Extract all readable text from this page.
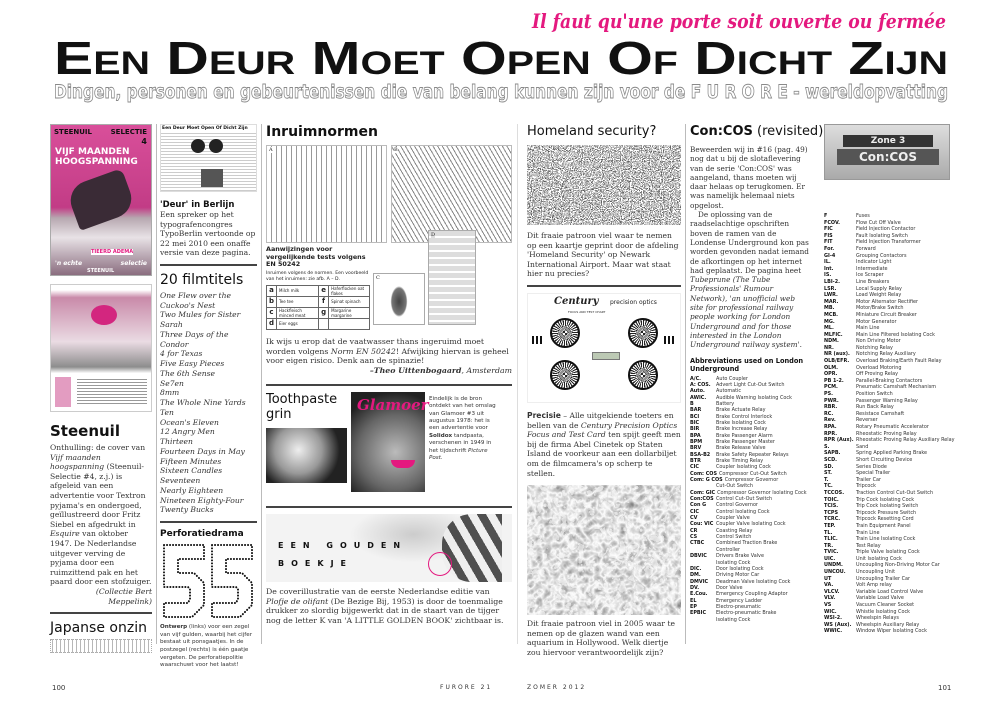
Il faut qu'une porte soit ouverte ou fermée
Een Deur Moet Open Of Dicht Zijn
Dingen, personen en gebeurtenissen die van belang kunnen zijn voor de F U R O R E - wereldopvatting
STEENUIL	SELECTIE
4
VIJF MAANDEN
HOOGSPANNING
TIEERD ADEMA
'n echte
STEENUIL
selectie
Steenuil

Onthulling: de cover van Vijf maanden hoogspanning (Steenuil-Selectie #4, z.j.) is afgeleid van een advertentie voor Textron pyjama's en ondergoed, geïllustreerd door Fritz Siebel en afgedrukt in Esquire van oktober 1947. De Nederlandse uitgever verving de pyjama door een ruimzittend pak en het paard door een stofzuiger.

(Collectie Bert Meppelink)

Japanse onzin
Een Deur Moet Open Of Dicht Zijn
'Deur' in Berlijn

Een spreker op het typografencongres TypoBerlin vertoonde op 22 mei 2010 een onaffe versie van deze pagina.

20 filmtitels
One Flew over the Cuckoo's Nest
Two Mules for Sister Sarah
Three Days of the Condor
4 for Texas
Five Easy Pieces
The 6th Sense
Se7en
8mm
The Whole Nine Yards
Ten
Ocean's Eleven
12 Angry Men
Thirteen
Fourteen Days in May
Fifteen Minutes
Sixteen Candles
Seventeen
Nearly Eighteen
Nineteen Eighty-Four
Twenty Bucks
Perforatiedrama

Ontwerp (links) voor een zegel van vijf gulden, waarbij het cijfer bestaat uit ponsgaatjes. In de postzegel (rechts) is één gaatje vergeten. De perforatiepolitie waarschuwt voor het laatst!

Inruimnormen
A	B
Aanwijzingen voor vergelijkende tests volgens EN 50242
Inruimen volgens de normen. Een voorbeeld van het inruimen: zie afb. A – D.
a	Milch milk	e	Haferflocken oat flakes
b	Tee tee	f	Spinat spinach
c	Hackfleisch minced meat	g	Margarine margarine
d	Eier eggs		
C
D

Ik wijs u erop dat de vaatwasser thans ingeruimd moet worden volgens Norm EN 50242! Afwijking hiervan is geheel voor eigen risico. Denk aan de spinazie!

–Theo Uittenbogaard, Amsterdam

Toothpaste grin
Glamoer Eindelijk is de bron ontdekt van het omslag van Glamoer #3 uit augustus 1978: het is een advertentie voor Solidox tandpasta, verschenen in 1949 in het tijdschrift Picture Post.

EEN GOUDEN
BOEKJE

De coverillustratie van de eerste Nederlandse editie van Plofje de olifant (De Bezige Bij, 1953) is door de toenmalige drukker zo slordig bijgewerkt dat in de staart van de tijger nog de letter K van 'A LITTLE GOLDEN BOOK' zichtbaar is.

Homeland security?

Dit fraaie patroon viel waar te nemen op een kaartje geprint door de afdeling 'Homeland Security' op Newark International Airport. Maar wat staat hier nu precies?

Century precision optics
FOCUS AND TEST CHART

Precisie – Alle uitgekiende toeters en bellen van de Century Precision Optics Focus and Test Card ten spijt geeft men bij de firma Abel Cinetek op Staten Island de voorkeur aan een dollarbiljet om de filmcamera's op scherp te stellen.

Dit fraaie patroon viel in 2005 waar te nemen op de glazen wand van een aquarium in Hollywood. Welk diertje zou hiervoor verantwoordelijk zijn?

Con:COS (revisited)

Beweerden wij in #16 (pag. 49) nog dat u bij de slotaflevering van de serie 'Con:COS' was aangeland, thans moeten wij daar helaas op terugkomen. Er was namelijk helemaal niets opgelost.

De oplossing van de raadselachtige opschriften boven de ramen van de Londense Underground kon pas worden gevonden nadat iemand de afkortingen op het internet had geplaatst. De pagina heet Tubeprune (The Tube Professionals' Rumour Network), 'an unofficial web site for professional railway people working for London Underground and for those interested in the London Underground railway system'.

Abbreviations used on London Underground
A/C.	Auto Coupler
A: COS.	Advert Light Cut-Out Switch
Auto.	Automatic
AWIC.	Audible Warning Isolating Cock
B	Battery
BAR	Brake Actuate Relay
BCI	Brake Control Interlock
BIC	Brake Isolating Cock
BIR	Brake Increase Relay
BPA	Brake Passenger Alarm
BPM	Brake Passenger Master
BRV	Brake Release Valve
BSA-B2	Brake Safety Repeater Relays
BTR	Brake Timing Relay
CIC	Coupler Isolating Cock
Com: COS Compressor Cut-Out Switch
Com: G COS Compressor Governor
Cut-Out Switch
Com: GIC Compressor Governor Isolating Cock
Con:COS Control Cut-Out Switch
Con G	Control Governor
CIC	Control Isolating Cock
CV	Coupler Valve
Cou: VIC Coupler Valve Isolating Cock
CR	Coasting Relay
CS	Control Switch
CTBC	Combined Traction Brake
Controller
DBVIC	Drivers Brake Valve
Isolating Cock
DIC.	Door Isolating Cock
DM.	Driving Motor Car
DMVIC	Deadman Valve Isolating Cock
DV.	Door Valve
E.Cou.	Emergency Coupling Adaptor
EL	Emergency Ladder
EP	Electro-pneumatic
EPBIC	Electro-pneumatic Brake
Isolating Cock
Zone 3
Con:COS
F	Fuses
FCOV.	Flow Cut Off Valve
FIC	Field Injection Contactor
FIS	Fault Isolating Switch
FIT	Field Injection Transformer
For.	Forward
GI-4	Grouping Contactors
IL.	Indicator Light
Int.	Intermediate
IS.	Ice Scraper
LBI-2.	Line Breakers
LSR.	Local Supply Relay
LWR.	Load Weight Relay
MAR.	Motor Alternator Rectifier
MB.	Motor/Brake Switch
MCB.	Miniature Circuit Breaker
MG.	Motor Generator
ML.	Main Line
MLFIC.	Main Line Filtered Isolating Cock
NDM.	Non Driving Motor
NR.	Notching Relay
NR (aux).	Notching Relay Auxiliary
OLB/EFR.	Overload Braking/Earth Fault Relay
OLM.	Overload Motoring
OPR.	Off Proving Relay
PB 1-2.	Parallel-Braking Contactors
PCM.	Pneumatic Camshaft Mechanism
PS.	Position Switch
PWR.	Passenger Warning Relay
RBR.	Run Back Relay
RC.	Resistace Camshaft
Rev.	Reverser
RPA.	Rotary Pneumatic Accelerator
RPR.	Rheostatic Proving Relay
RPR (Aux). Rheostatic Proving Relay Auxiliary Relay
S.	Sand
SAPB.	Spring Applied Parking Brake
SCD.	Short Circuiting Device
SD.	Series Diode
ST.	Special Trailer
T.	Trailer Car
TC.	Tripcock
TCCOS.	Traction Control Cut-Out Switch
TOIC.	Trip Cock Isolating Cock
TCIS.	Trip Cock Isolating Switch
TCPS	Tripcock Pressure Switch
TCRC.	Tripcock Resetting Cord
TEP.	Train Equipment Panel
TL.	Train Line
TLIC.	Train Line Isolating Cock
TR.	Test Relay
TVIC.	Triple Valve Isolating Cock
UIC.	Unit Isolating Cock
UNDM.	Uncoupling Non-Driving Motor Car
UNCOU.	Uncoupling Unit
UT	Uncoupling Trailer Car
VA.	Volt Amp relay
VLCV.	Variable Load Control Valve
VLV.	Variable Load Valve
VS	Vacuum Cleaner Socket
WIC.	Whistle Isolating Cock
WSI-2.	Wheelspin Relays
WS (Aux). Wheelspin Auxiliary Relay
WWIC.	Window Wiper Isolating Cock
100	FURORE 21	ZOMER 2012	101
